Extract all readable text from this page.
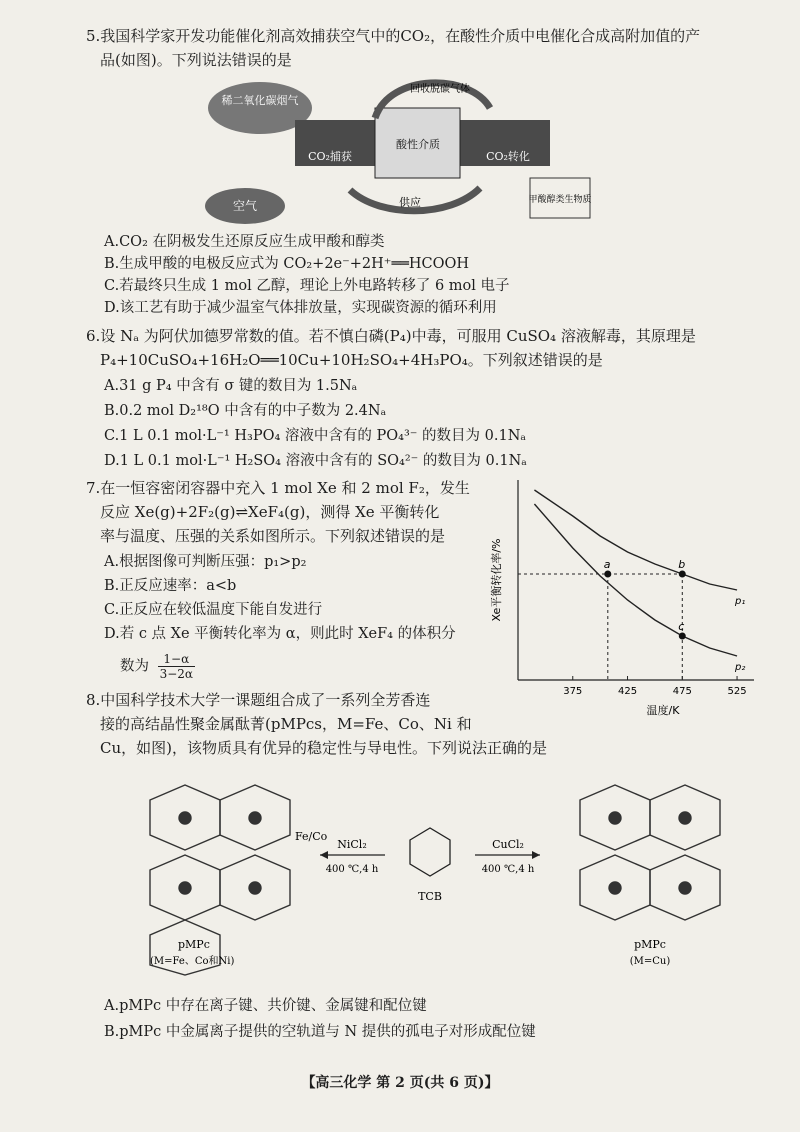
5.我国科学家开发功能催化剂高效捕获空气中的CO₂，在酸性介质中电催化合成高附加值的产
品(如图)。下列说法错误的是
稀二氧化碳烟气
CO₂捕获
酸性介质
CO₂转化
回收脱碳气体
供应
空气	甲酸醇类生物质
A.CO₂ 在阴极发生还原反应生成甲酸和醇类
B.生成甲酸的电极反应式为 CO₂+2e⁻+2H⁺══HCOOH
C.若最终只生成 1 mol 乙醇，理论上外电路转移了 6 mol 电子
D.该工艺有助于减少温室气体排放量，实现碳资源的循环利用
6.设 Nₐ 为阿伏加德罗常数的值。若不慎白磷(P₄)中毒，可服用 CuSO₄ 溶液解毒，其原理是
P₄+10CuSO₄+16H₂O══10Cu+10H₂SO₄+4H₃PO₄。下列叙述错误的是
A.31 g P₄ 中含有 σ 键的数目为 1.5Nₐ
B.0.2 mol D₂¹⁸O 中含有的中子数为 2.4Nₐ
C.1 L 0.1 mol·L⁻¹ H₃PO₄ 溶液中含有的 PO₄³⁻ 的数目为 0.1Nₐ
D.1 L 0.1 mol·L⁻¹ H₂SO₄ 溶液中含有的 SO₄²⁻ 的数目为 0.1Nₐ
7.在一恒容密闭容器中充入 1 mol Xe 和 2 mol F₂，发生
反应 Xe(g)+2F₂(g)⇌XeF₄(g)，测得 Xe 平衡转化
率与温度、压强的关系如图所示。下列叙述错误的是
A.根据图像可判断压强：p₁>p₂
B.正反应速率：a<b
C.正反应在较低温度下能自发进行
D.若 c 点 Xe 平衡转化率为 α，则此时 XeF₄ 的体积分
数为 $\frac{1-\alpha}{3-2\alpha}$
375	425	475	525
温度/K
Xe平衡转化率/%	p₁
p₂
a	b
c
8.中国科学技术大学一课题组合成了一系列全芳香连
接的高结晶性聚金属酞菁(pMPcs，M=Fe、Co、Ni 和
Cu，如图)，该物质具有优异的稳定性与导电性。下列说法正确的是
Fe/Co
pMPc
(M=Fe、Co和Ni)
NiCl₂
400 ℃,4 h
TCB
CuCl₂
400 ℃,4 h
pMPc
(M=Cu)
A.pMPc 中存在离子键、共价键、金属键和配位键
B.pMPc 中金属离子提供的空轨道与 N 提供的孤电子对形成配位键
【高三化学 第 2 页(共 6 页)】
